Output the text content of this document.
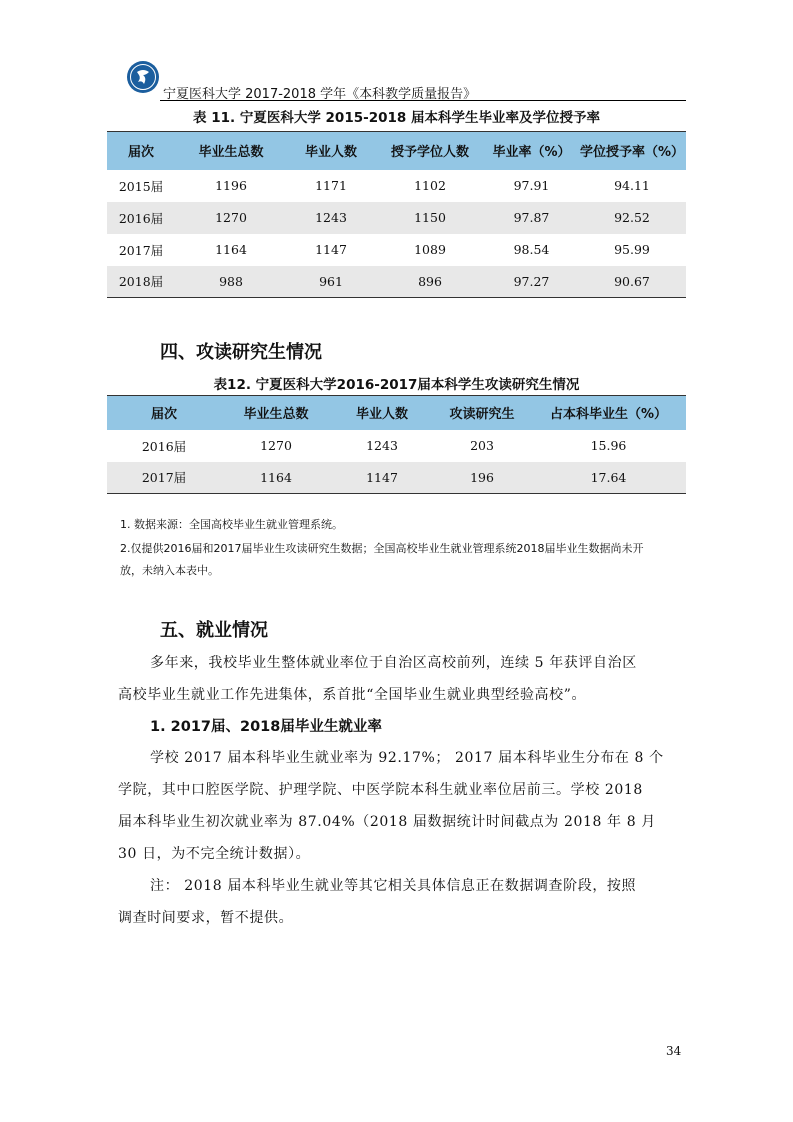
宁夏医科大学 2017-2018 学年《本科教学质量报告》
表 11. 宁夏医科大学 2015-2018 届本科学生毕业率及学位授予率
届次	毕业生总数	毕业人数	授予学位人数	毕业率（%）	学位授予率（%）
2015届	1196	1171	1102	97.91	94.11
2016届	1270	1243	1150	97.87	92.52
2017届	1164	1147	1089	98.54	95.99
2018届	988	961	896	97.27	90.67
四、攻读研究生情况
表12. 宁夏医科大学2016-2017届本科学生攻读研究生情况
届次	毕业生总数	毕业人数	攻读研究生	占本科毕业生（%）
2016届	1270	1243	203	15.96
2017届	1164	1147	196	17.64
1. 数据来源：全国高校毕业生就业管理系统。
2.仅提供2016届和2017届毕业生攻读研究生数据；全国高校毕业生就业管理系统2018届毕业生数据尚未开
放，未纳入本表中。
五、就业情况
多年来，我校毕业生整体就业率位于自治区高校前列，连续 5 年获评自治区
高校毕业生就业工作先进集体，系首批“全国毕业生就业典型经验高校”。
1. 2017届、2018届毕业生就业率
学校 2017 届本科毕业生就业率为 92.17%； 2017 届本科毕业生分布在 8 个
学院，其中口腔医学院、护理学院、中医学院本科生就业率位居前三。学校 2018
届本科毕业生初次就业率为 87.04%（2018 届数据统计时间截点为 2018 年 8 月
30 日，为不完全统计数据）。
注： 2018 届本科毕业生就业等其它相关具体信息正在数据调查阶段，按照
调查时间要求，暂不提供。
34
